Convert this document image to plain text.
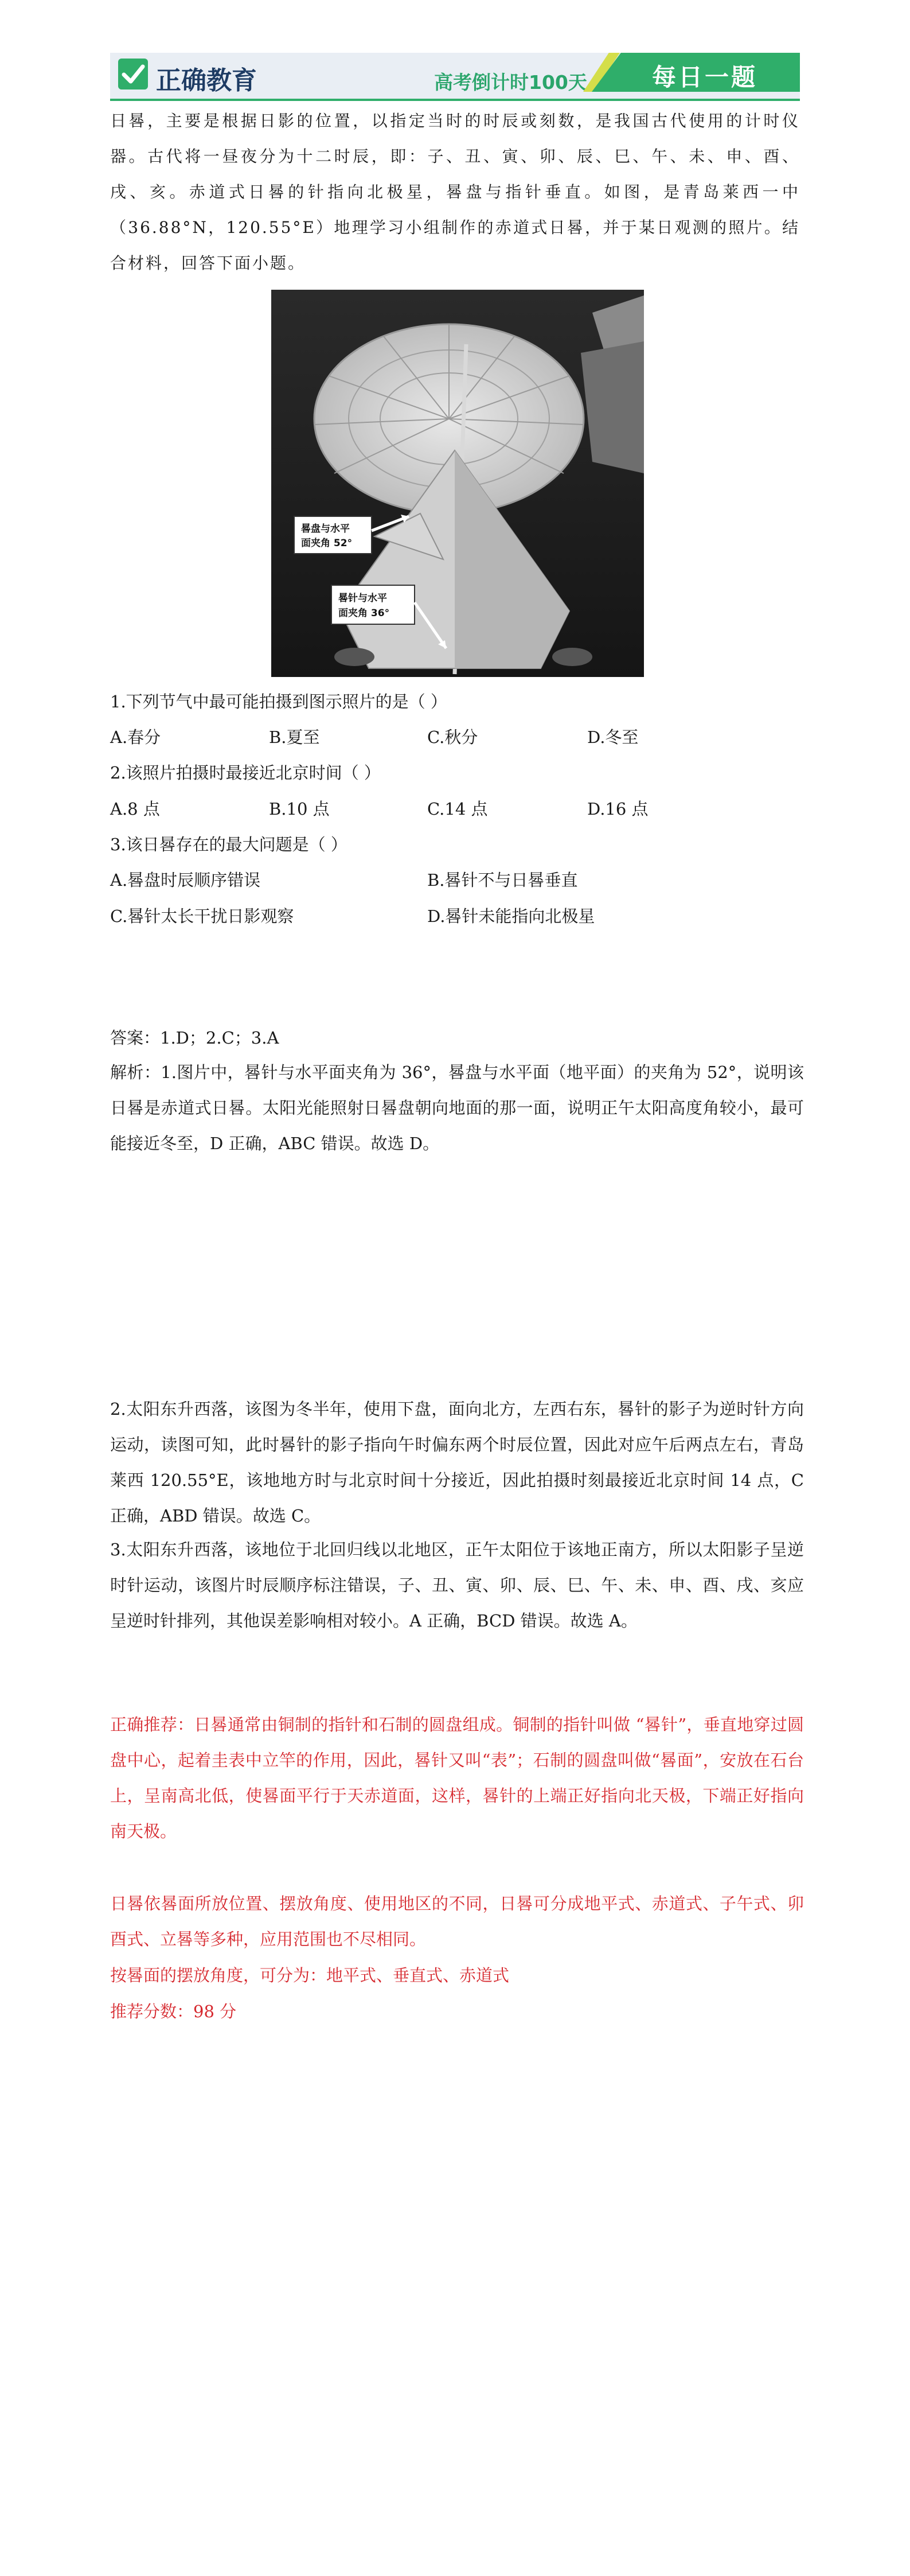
正确教育	高考倒计时100天	每日一题
日晷，主要是根据日影的位置，以指定当时的时辰或刻数，是我国古代使用的计时仪器。古代将一昼夜分为十二时辰，即：子、丑、寅、卯、辰、巳、午、未、申、酉、戌、亥。赤道式日晷的针指向北极星，晷盘与指针垂直。如图，是青岛莱西一中（36.88°N，120.55°E）地理学习小组制作的赤道式日晷，并于某日观测的照片。结合材料，回答下面小题。
晷盘与水平
面夹角 52°
晷针与水平
面夹角 36°
1.下列节气中最可能拍摄到图示照片的是（ ）
A.春分	B.夏至	C.秋分	D.冬至
2.该照片拍摄时最接近北京时间（ ）
A.8 点	B.10 点	C.14 点	D.16 点
3.该日晷存在的最大问题是（ ）
A.晷盘时辰顺序错误	B.晷针不与日晷垂直
C.晷针太长干扰日影观察	D.晷针未能指向北极星
答案：1.D；2.C；3.A
解析：1.图片中，晷针与水平面夹角为 36°，晷盘与水平面（地平面）的夹角为 52°，说明该日晷是赤道式日晷。太阳光能照射日晷盘朝向地面的那一面，说明正午太阳高度角较小，最可能接近冬至，D 正确，ABC 错误。故选 D。
2.太阳东升西落，该图为冬半年，使用下盘，面向北方，左西右东，晷针的影子为逆时针方向运动，读图可知，此时晷针的影子指向午时偏东两个时辰位置，因此对应午后两点左右，青岛莱西 120.55°E，该地地方时与北京时间十分接近，因此拍摄时刻最接近北京时间 14 点，C 正确，ABD 错误。故选 C。
3.太阳东升西落，该地位于北回归线以北地区，正午太阳位于该地正南方，所以太阳影子呈逆时针运动，该图片时辰顺序标注错误，子、丑、寅、卯、辰、巳、午、未、申、酉、戌、亥应呈逆时针排列，其他误差影响相对较小。A 正确，BCD 错误。故选 A。
正确推荐：日晷通常由铜制的指针和石制的圆盘组成。铜制的指针叫做 “晷针”，垂直地穿过圆盘中心，起着圭表中立竿的作用，因此，晷针又叫“表”；石制的圆盘叫做“晷面”，安放在石台上，呈南高北低，使晷面平行于天赤道面，这样，晷针的上端正好指向北天极，下端正好指向南天极。
日晷依晷面所放位置、摆放角度、使用地区的不同，日晷可分成地平式、赤道式、子午式、卯酉式、立晷等多种，应用范围也不尽相同。
按晷面的摆放角度，可分为：地平式、垂直式、赤道式
推荐分数：98 分
